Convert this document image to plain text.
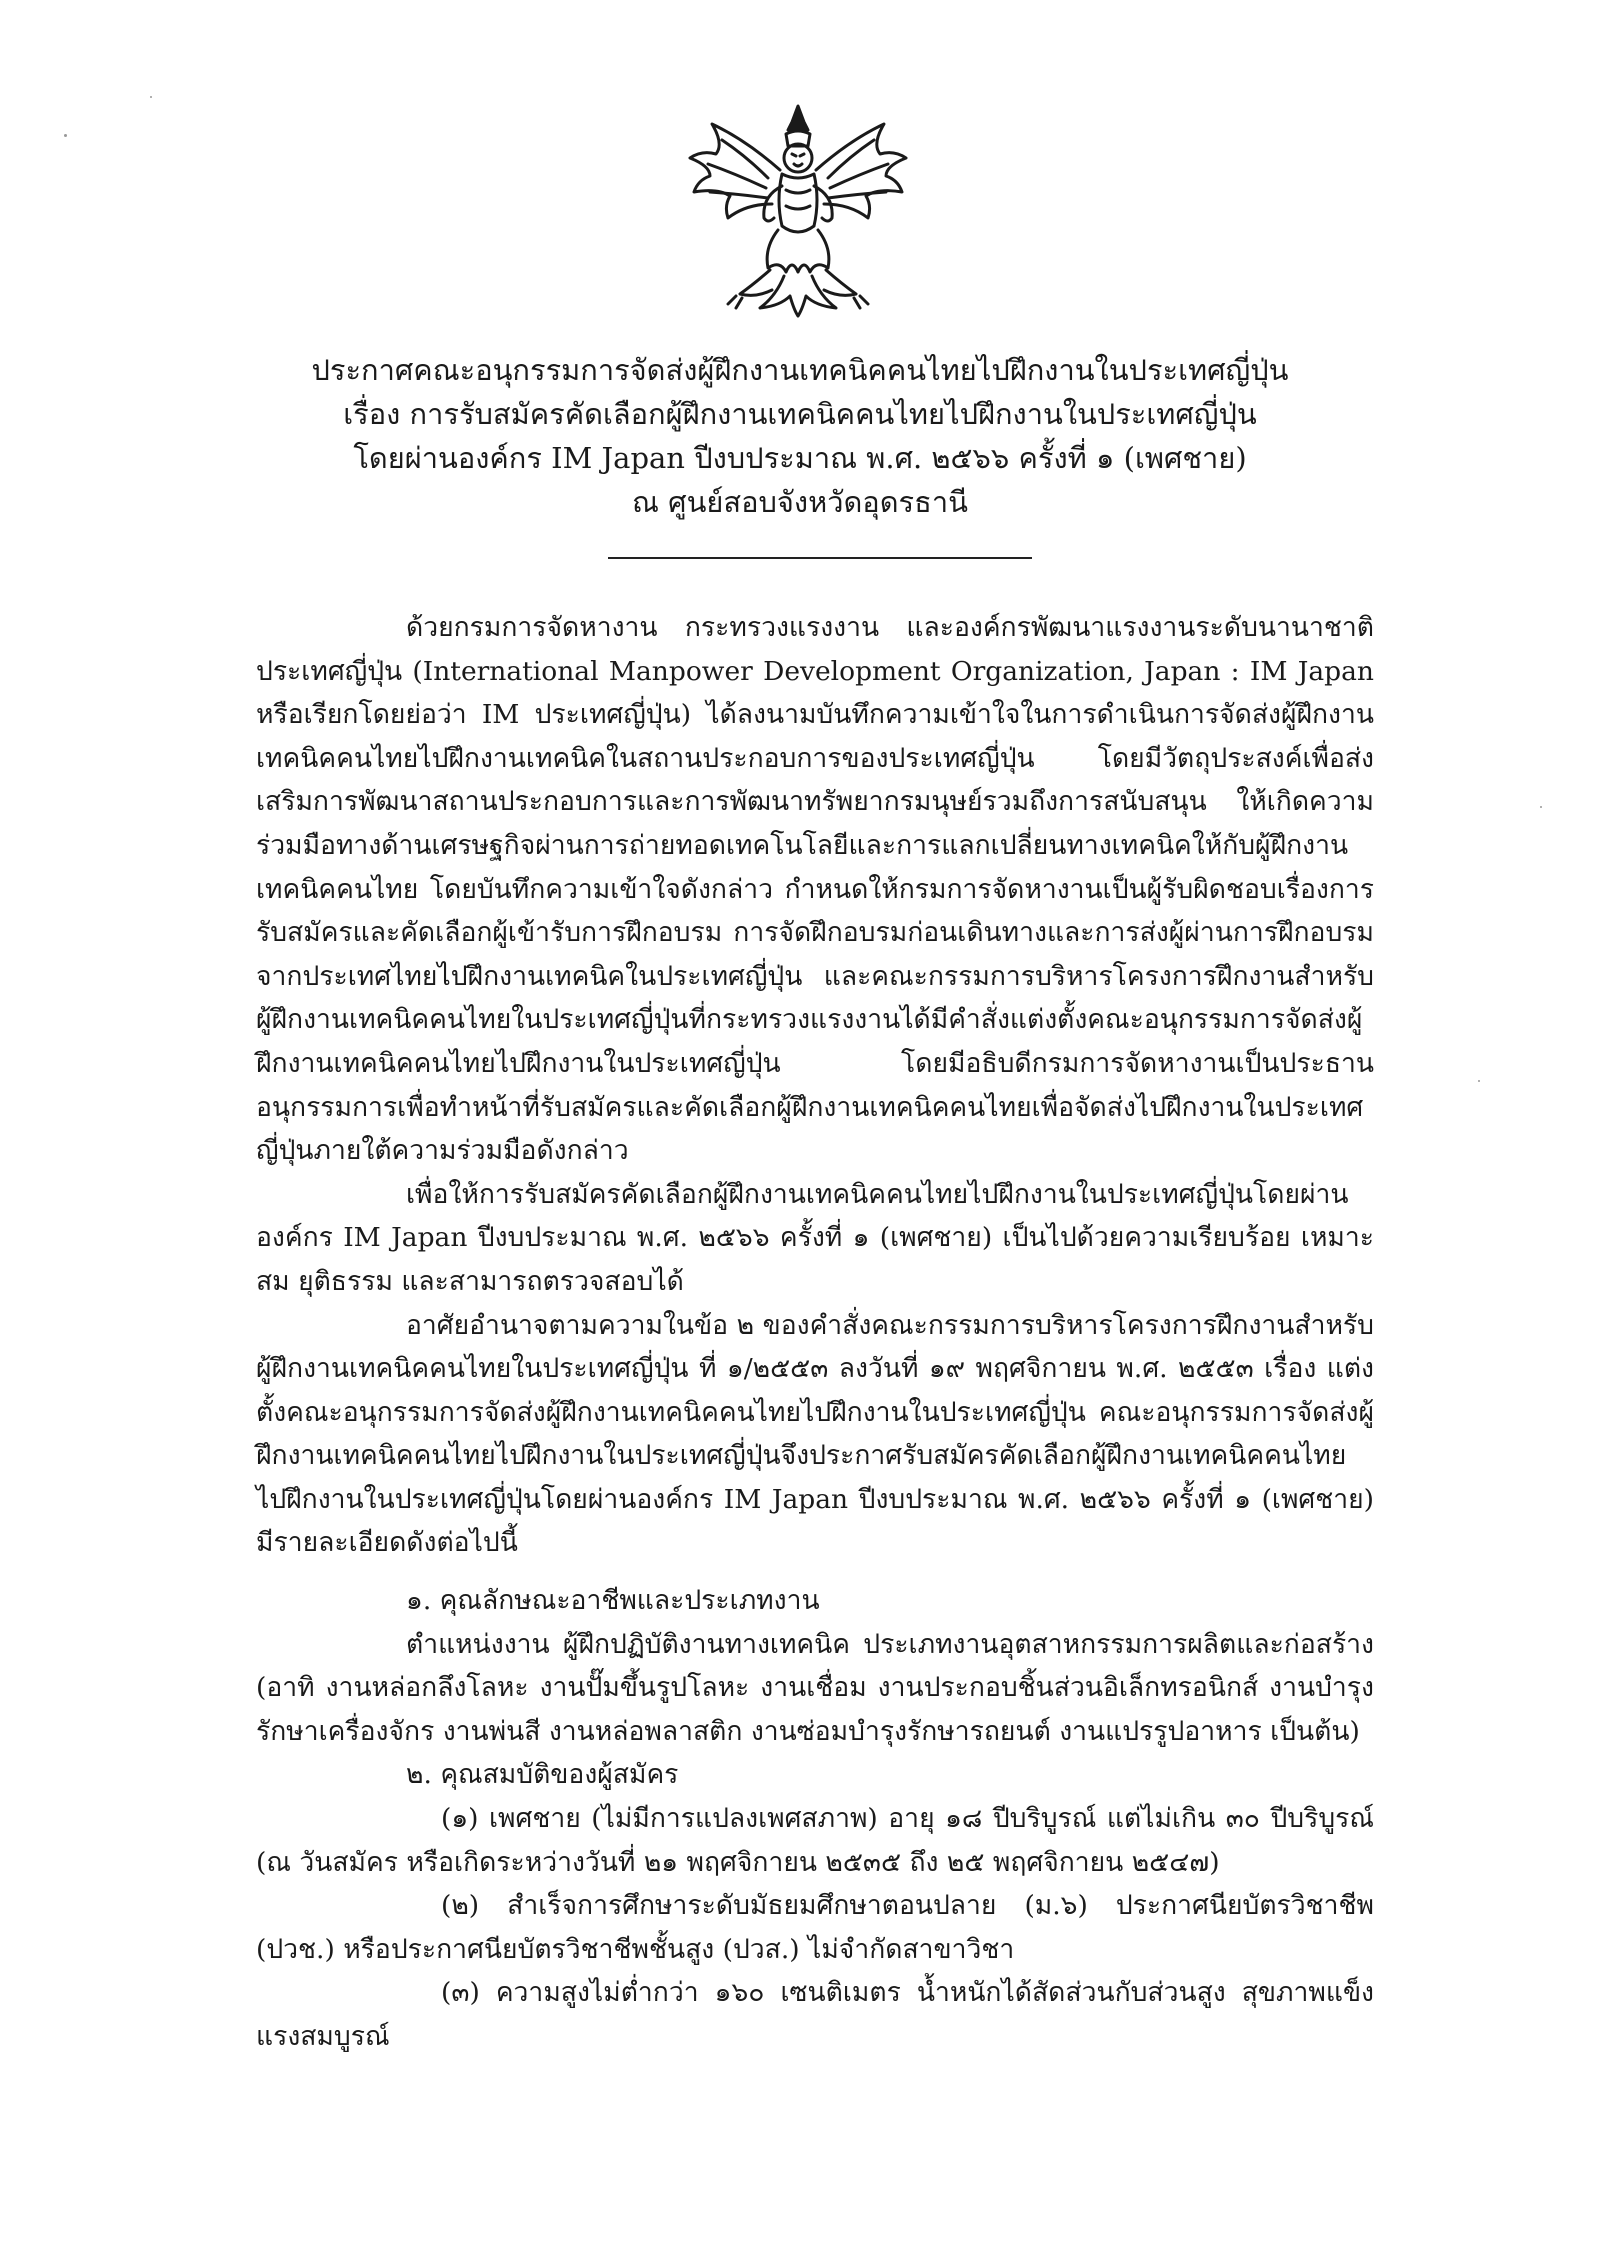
ประกาศคณะอนุกรรมการจัดส่งผู้ฝึกงานเทคนิคคนไทยไปฝึกงานในประเทศญี่ปุ่น
เรื่อง การรับสมัครคัดเลือกผู้ฝึกงานเทคนิคคนไทยไปฝึกงานในประเทศญี่ปุ่น
โดยผ่านองค์กร IM Japan ปีงบประมาณ พ.ศ. ๒๕๖๖ ครั้งที่ ๑ (เพศชาย)
ณ ศูนย์สอบจังหวัดอุดรธานี

ด้วยกรมการจัดหางาน กระทรวงแรงงาน และองค์กรพัฒนาแรงงานระดับนานาชาติ ประเทศญี่ปุ่น (International Manpower Development Organization, Japan : IM Japan หรือเรียกโดยย่อว่า IM ประเทศญี่ปุ่น) ได้ลงนามบันทึกความเข้าใจในการดำเนินการจัดส่งผู้ฝึกงานเทคนิคคนไทยไปฝึกงานเทคนิคในสถานประกอบการของประเทศญี่ปุ่น โดยมีวัตถุประสงค์เพื่อส่งเสริมการพัฒนาสถานประกอบการและการพัฒนาทรัพยากรมนุษย์รวมถึงการสนับสนุน ให้เกิดความร่วมมือทางด้านเศรษฐกิจผ่านการถ่ายทอดเทคโนโลยีและการแลกเปลี่ยนทางเทคนิคให้กับผู้ฝึกงานเทคนิคคนไทย โดยบันทึกความเข้าใจดังกล่าว กำหนดให้กรมการจัดหางานเป็นผู้รับผิดชอบเรื่องการรับสมัครและคัดเลือกผู้เข้ารับการฝึกอบรม การจัดฝึกอบรมก่อนเดินทางและการส่งผู้ผ่านการฝึกอบรมจากประเทศไทยไปฝึกงานเทคนิคในประเทศญี่ปุ่น และคณะกรรมการบริหารโครงการฝึกงานสำหรับผู้ฝึกงานเทคนิคคนไทยในประเทศญี่ปุ่นที่กระทรวงแรงงานได้มีคำสั่งแต่งตั้งคณะอนุกรรมการจัดส่งผู้ฝึกงานเทคนิคคนไทยไปฝึกงานในประเทศญี่ปุ่น โดยมีอธิบดีกรมการจัดหางานเป็นประธานอนุกรรมการเพื่อทำหน้าที่รับสมัครและคัดเลือกผู้ฝึกงานเทคนิคคนไทยเพื่อจัดส่งไปฝึกงานในประเทศญี่ปุ่นภายใต้ความร่วมมือดังกล่าว

เพื่อให้การรับสมัครคัดเลือกผู้ฝึกงานเทคนิคคนไทยไปฝึกงานในประเทศญี่ปุ่นโดยผ่านองค์กร IM Japan ปีงบประมาณ พ.ศ. ๒๕๖๖ ครั้งที่ ๑ (เพศชาย) เป็นไปด้วยความเรียบร้อย เหมาะสม ยุติธรรม และสามารถตรวจสอบได้

อาศัยอำนาจตามความในข้อ ๒ ของคำสั่งคณะกรรมการบริหารโครงการฝึกงานสำหรับผู้ฝึกงานเทคนิคคนไทยในประเทศญี่ปุ่น ที่ ๑/๒๕๕๓ ลงวันที่ ๑๙ พฤศจิกายน พ.ศ. ๒๕๕๓ เรื่อง แต่งตั้งคณะอนุกรรมการจัดส่งผู้ฝึกงานเทคนิคคนไทยไปฝึกงานในประเทศญี่ปุ่น คณะอนุกรรมการจัดส่งผู้ฝึกงานเทคนิคคนไทยไปฝึกงานในประเทศญี่ปุ่นจึงประกาศรับสมัครคัดเลือกผู้ฝึกงานเทคนิคคนไทยไปฝึกงานในประเทศญี่ปุ่นโดยผ่านองค์กร IM Japan ปีงบประมาณ พ.ศ. ๒๕๖๖ ครั้งที่ ๑ (เพศชาย) มีรายละเอียดดังต่อไปนี้

๑. คุณลักษณะอาชีพและประเภทงาน

ตำแหน่งงาน ผู้ฝึกปฏิบัติงานทางเทคนิค ประเภทงานอุตสาหกรรมการผลิตและก่อสร้าง (อาทิ งานหล่อกลึงโลหะ งานปั๊มขึ้นรูปโลหะ งานเชื่อม งานประกอบชิ้นส่วนอิเล็กทรอนิกส์ งานบำรุงรักษาเครื่องจักร งานพ่นสี งานหล่อพลาสติก งานซ่อมบำรุงรักษารถยนต์ งานแปรรูปอาหาร เป็นต้น)

๒. คุณสมบัติของผู้สมัคร

(๑) เพศชาย (ไม่มีการแปลงเพศสภาพ) อายุ ๑๘ ปีบริบูรณ์ แต่ไม่เกิน ๓๐ ปีบริบูรณ์ (ณ วันสมัคร หรือเกิดระหว่างวันที่ ๒๑ พฤศจิกายน ๒๕๓๕ ถึง ๒๕ พฤศจิกายน ๒๕๔๗)

(๒) สำเร็จการศึกษาระดับมัธยมศึกษาตอนปลาย (ม.๖) ประกาศนียบัตรวิชาชีพ (ปวช.) หรือประกาศนียบัตรวิชาชีพชั้นสูง (ปวส.) ไม่จำกัดสาขาวิชา

(๓) ความสูงไม่ต่ำกว่า ๑๖๐ เซนติเมตร น้ำหนักได้สัดส่วนกับส่วนสูง สุขภาพแข็งแรงสมบูรณ์
